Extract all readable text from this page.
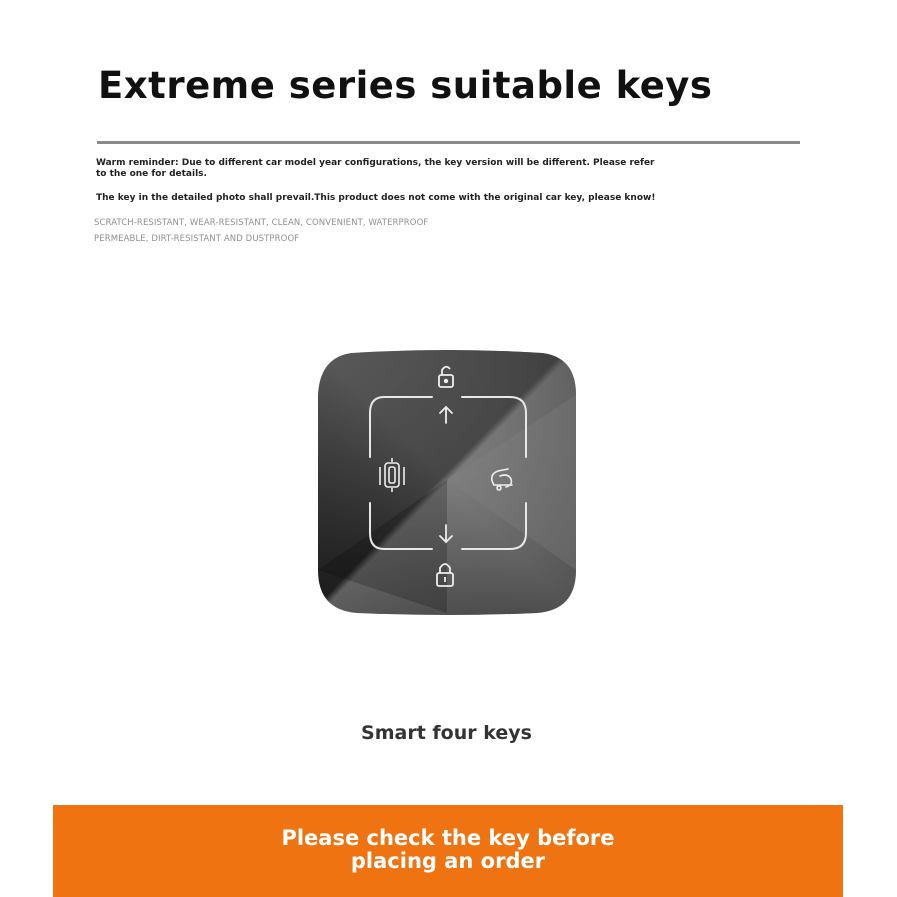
Extreme series suitable keys
Warm reminder: Due to different car model year configurations, the key version will be different. Please refer to the one for details.
The key in the detailed photo shall prevail.This product does not come with the original car key, please know!
SCRATCH-RESISTANT, WEAR-RESISTANT, CLEAN, CONVENIENT, WATERPROOF
PERMEABLE, DIRT-RESISTANT AND DUSTPROOF
Smart four keys
Please check the key before placing an order
